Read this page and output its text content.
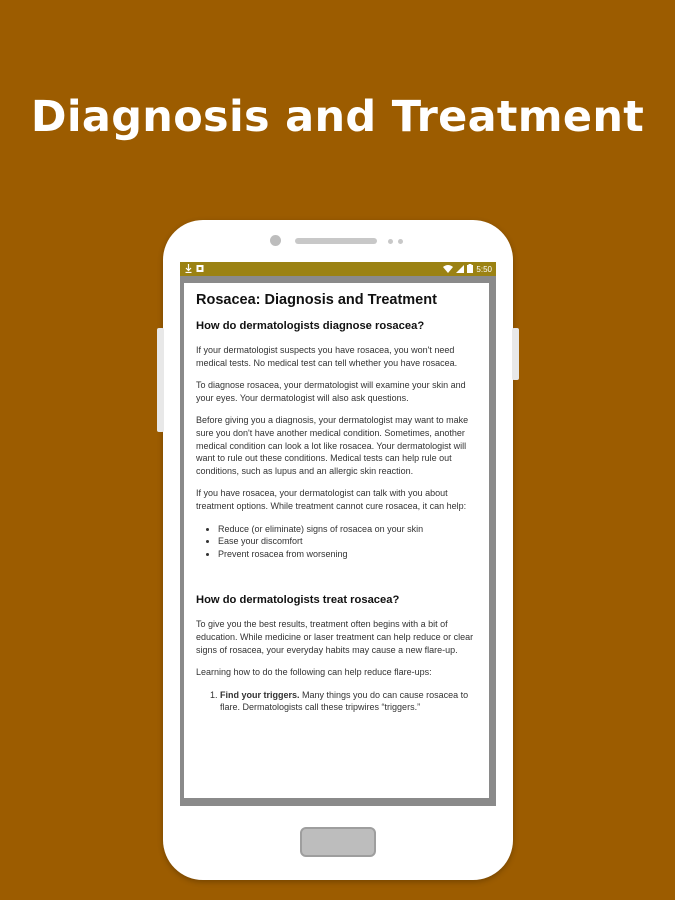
Diagnosis and Treatment
5:50
Rosacea: Diagnosis and Treatment
How do dermatologists diagnose rosacea?

If your dermatologist suspects you have rosacea, you won't need medical tests. No medical test can tell whether you have rosacea.

To diagnose rosacea, your dermatologist will examine your skin and your eyes. Your dermatologist will also ask questions.

Before giving you a diagnosis, your dermatologist may want to make sure you don't have another medical condition. Sometimes, another medical condition can look a lot like rosacea. Your dermatologist will want to rule out these conditions. Medical tests can help rule out conditions, such as lupus and an allergic skin reaction.

If you have rosacea, your dermatologist can talk with you about treatment options. While treatment cannot cure rosacea, it can help:

• Reduce (or eliminate) signs of rosacea on your skin
• Ease your discomfort
• Prevent rosacea from worsening
How do dermatologists treat rosacea?

To give you the best results, treatment often begins with a bit of education. While medicine or laser treatment can help reduce or clear signs of rosacea, your everyday habits may cause a new flare-up.

Learning how to do the following can help reduce flare-ups:

1. Find your triggers. Many things you do can cause rosacea to flare. Dermatologists call these tripwires “triggers.”
